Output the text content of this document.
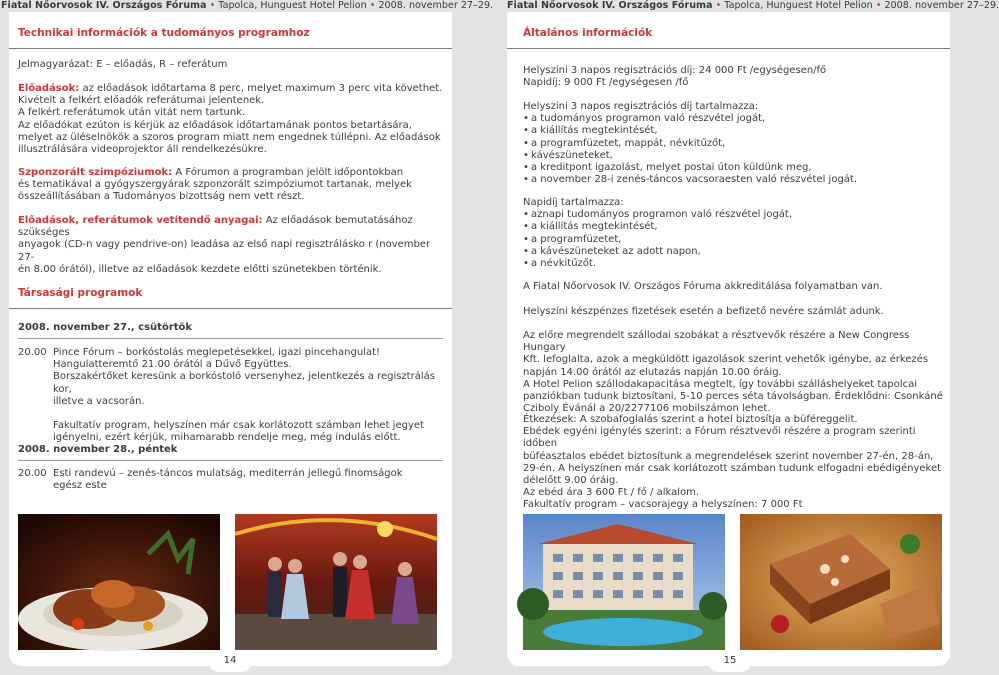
Fiatal Nőorvosok IV. Országos Fóruma • Tapolca, Hunguest Hotel Pelion • 2008. november 27–29. Fiatal Nőorvosok IV. Országos Fóruma • Tapolca, Hunguest Hotel Pelion • 2008. november 27–29.
Technikai információk a tudományos programhoz

Jelmagyarázat: E – előadás, R – referátum

Előadások: az előadások időtartama 8 perc, melyet maximum 3 perc vita követhet.
Kivételt a felkért előadók referátumai jelentenek.
A felkért referátumok után vitát nem tartunk.
Az előadókat ezúton is kérjük az előadások időtartamának pontos betartására,
melyet az üléselnökök a szoros program miatt nem engednek túllépni. Az előadások
illusztrálására videoprojektor áll rendelkezésükre.
Szponzorált szimpóziumok: A Fórumon a programban jelölt időpontokban
és tematikával a gyógyszergyárak szponzorált szimpóziumot tartanak, melyek
összeállításában a Tudományos bizottság nem vett részt.
Előadások, referátumok vetítendő anyagai: Az előadások bemutatásához szükséges
anyagok (CD-n vagy pendrive-on) leadása az első napi regisztrálásko r (november 27-
én 8.00 órától), illetve az előadások kezdete előtti szünetekben történik.
Társasági programok

2008. november 27., csütörtök

20.00 Pince Fórum – borkóstolás meglepetésekkel, igazi pincehangulat!
Hangulatteremtő 21.00 órától a Dűvő Együttes.
Borszakértőket keresünk a borkóstoló versenyhez, jelentkezés a regisztrálás kor,
illetve a vacsorán.
Fakultatív program, helyszínen már csak korlátozott számban lehet jegyet
igényelni, ezért kérjük, mihamarabb rendelje meg, még indulás előtt.

2008. november 28., péntek

20.00 Esti randevú – zenés-táncos mulatság, mediterrán jellegű finomságok
egész este
14
Általános információk
Helyszíni 3 napos regisztrációs díj: 24 000 Ft /egységesen/fő
Napidíj: 9 000 Ft /egységesen /fő
Helyszíni 3 napos regisztrációs díj tartalmazza:
• a tudományos programon való részvétel jogát,
• a kiállítás megtekintését,
• a programfüzetet, mappát, névkitűzőt,
• kávészüneteket,
• a kreditpont igazolást, melyet postai úton küldünk meg,
• a november 28-i zenés-táncos vacsoraesten való részvétel jogát.
Napidíj tartalmazza:
• aznapi tudományos programon való részvétel jogát,
• a kiállítás megtekintését,
• a programfüzetet,
• a kávészüneteket az adott napon,
• a névkitűzőt.

A Fiatal Nőorvosok IV. Országos Fóruma akkreditálása folyamatban van.

Helyszíni készpénzes fizetések esetén a befizető nevére számlát adunk.

Az előre megrendelt szállodai szobákat a résztvevők részére a New Congress Hungary
Kft. lefoglalta, azok a megküldött igazolások szerint vehetők igénybe, az érkezés
napján 14.00 órától az elutazás napján 10.00 óráig.
A Hotel Pelion szállodakapacitása megtelt, így további szálláshelyeket tapolcai
panziókban tudunk biztosítani, 5-10 perces séta távolságban. Érdeklődni: Csonkáné
Cziboly Évánál a 20/2277106 mobilszámon lehet.
Étkezések: A szobafoglalás szerint a hotel biztosítja a büféreggelit.
Ebédek egyéni igénylés szerint: a Fórum résztvevői részére a program szerinti időben
büféasztalos ebédet biztosítunk a megrendelések szerint november 27-én, 28-án,
29-én. A helyszínen már csak korlátozott számban tudunk elfogadni ebédigényeket
délelőtt 9.00 óráig.
Az ebéd ára 3 600 Ft / fő / alkalom.
Fakultatív program – vacsorajegy a helyszínen: 7 000 Ft
15
